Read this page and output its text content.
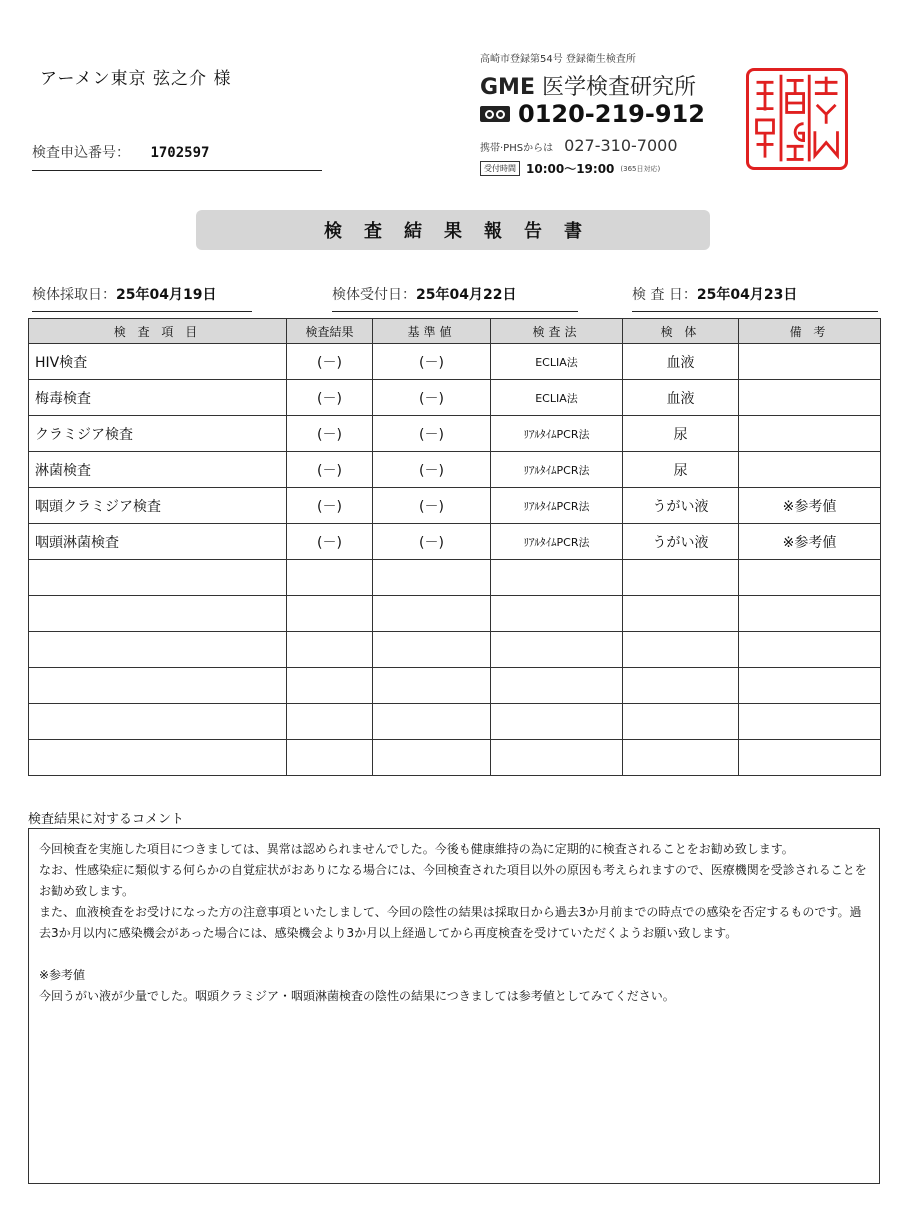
アーメン東京 弦之介 様
検査申込番号： 1702597
高崎市登録第54号 登録衛生検査所
GME 医学検査研究所
0120-219-912
携帯·PHSからは 027-310-7000
受付時間 10:00〜19:00 (365日対応)
検査結果報告書
検体採取日：25年04月19日	検体受付日：25年04月22日	検 査 日：25年04月23日
検 査 項 目	検査結果	基準値	検査法	検 体	備 考
HIV検査	(－)	(－)	ECLIA法	血液	
梅毒検査	(－)	(－)	ECLIA法	血液	
クラミジア検査	(－)	(－)	ﾘｱﾙﾀｲﾑPCR法	尿	
淋菌検査	(－)	(－)	ﾘｱﾙﾀｲﾑPCR法	尿	
咽頭クラミジア検査	(－)	(－)	ﾘｱﾙﾀｲﾑPCR法	うがい液	※参考値
咽頭淋菌検査	(－)	(－)	ﾘｱﾙﾀｲﾑPCR法	うがい液	※参考値

検査結果に対するコメント

今回検査を実施した項目につきましては、異常は認められませんでした。今後も健康維持の為に定期的に検査されることをお勧め致します。

なお、性感染症に類似する何らかの自覚症状がおありになる場合には、今回検査された項目以外の原因も考えられますので、医療機関を受診されることをお勧め致します。

また、血液検査をお受けになった方の注意事項といたしまして、今回の陰性の結果は採取日から過去3か月前までの時点での感染を否定するものです。過去3か月以内に感染機会があった場合には、感染機会より3か月以上経過してから再度検査を受けていただくようお願い致します。

※参考値

今回うがい液が少量でした。咽頭クラミジア・咽頭淋菌検査の陰性の結果につきましては参考値としてみてください。
